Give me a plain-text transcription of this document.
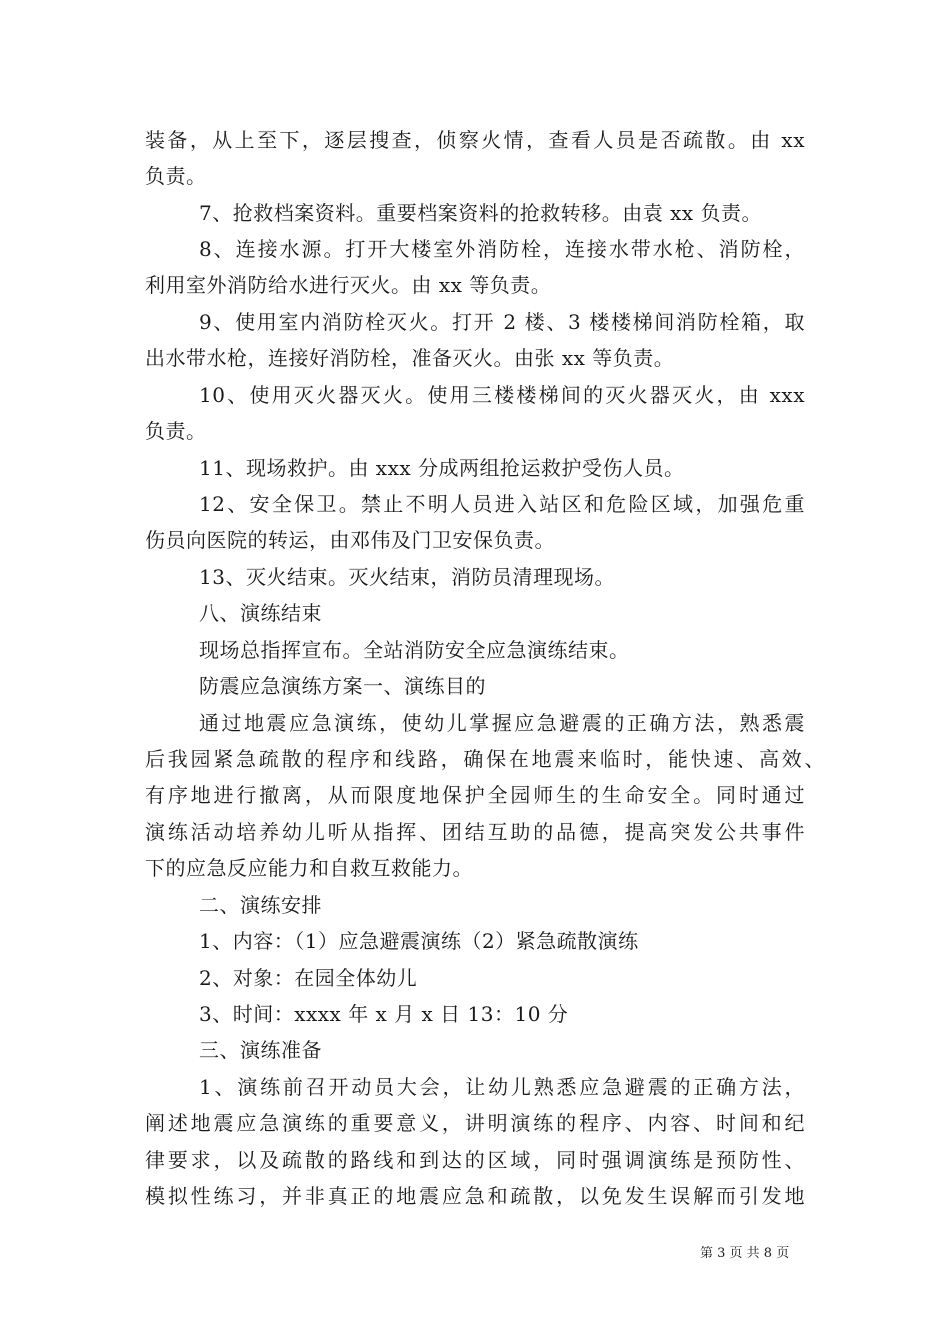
装备，从上至下，逐层搜查，侦察火情，查看人员是否疏散。由 xx
负责。
7、抢救档案资料。重要档案资料的抢救转移。由袁 xx 负责。
8、连接水源。打开大楼室外消防栓，连接水带水枪、消防栓，
利用室外消防给水进行灭火。由 xx 等负责。
9、使用室内消防栓灭火。打开 2 楼、3 楼楼梯间消防栓箱，取
出水带水枪，连接好消防栓，准备灭火。由张 xx 等负责。
10、使用灭火器灭火。使用三楼楼梯间的灭火器灭火，由 xxx
负责。
11、现场救护。由 xxx 分成两组抢运救护受伤人员。
12、安全保卫。禁止不明人员进入站区和危险区域，加强危重
伤员向医院的转运，由邓伟及门卫安保负责。
13、灭火结束。灭火结束，消防员清理现场。
八、演练结束
现场总指挥宣布。全站消防安全应急演练结束。
防震应急演练方案一、演练目的
通过地震应急演练，使幼儿掌握应急避震的正确方法，熟悉震
后我园紧急疏散的程序和线路，确保在地震来临时，能快速、高效、
有序地进行撤离，从而限度地保护全园师生的生命安全。同时通过
演练活动培养幼儿听从指挥、团结互助的品德，提高突发公共事件
下的应急反应能力和自救互救能力。
二、演练安排
1、内容：（1）应急避震演练（2）紧急疏散演练
2、对象：在园全体幼儿
3、时间：xxxx 年 x 月 x 日 13：10 分
三、演练准备
1、演练前召开动员大会，让幼儿熟悉应急避震的正确方法，
阐述地震应急演练的重要意义，讲明演练的程序、内容、时间和纪
律要求，以及疏散的路线和到达的区域，同时强调演练是预防性、
模拟性练习，并非真正的地震应急和疏散，以免发生误解而引发地
第 3 页 共 8 页
